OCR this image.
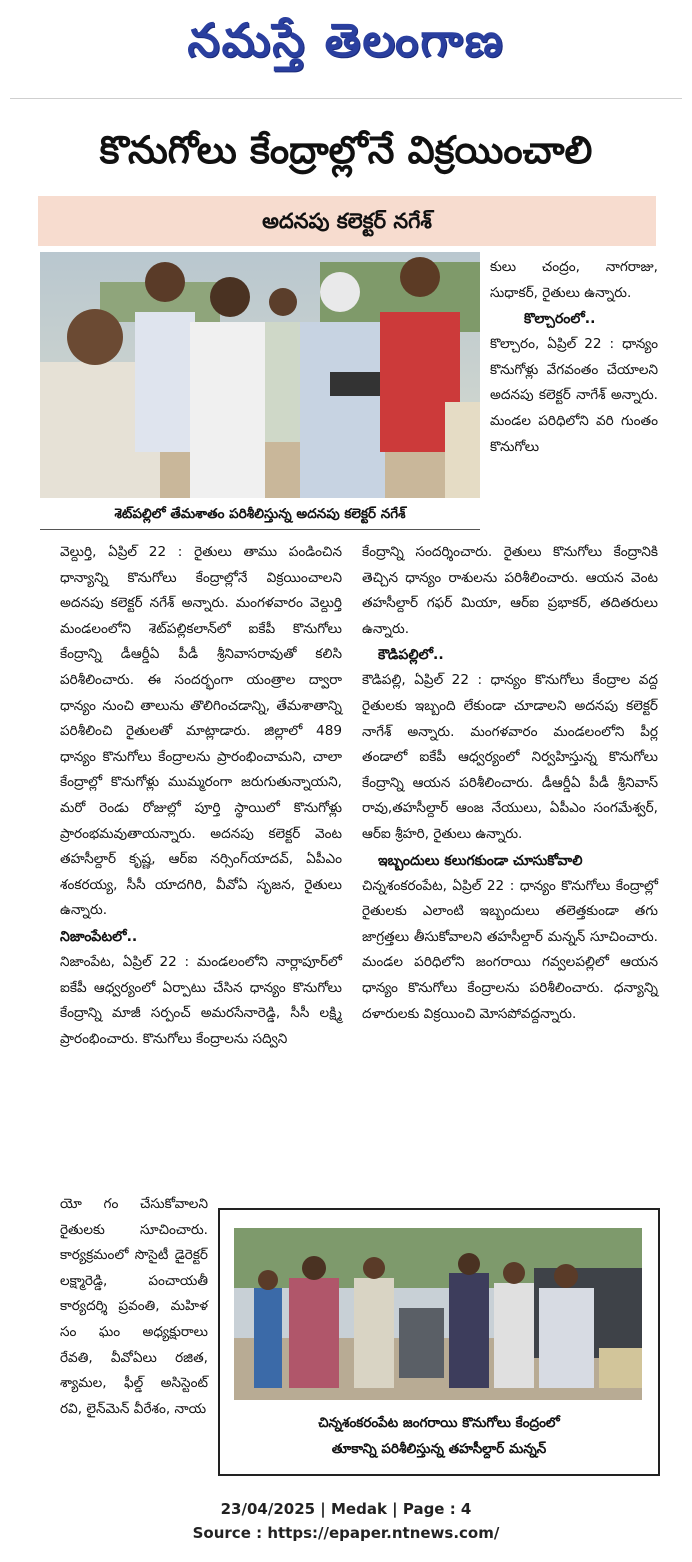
నమస్తే తెలంగాణ
కొనుగోలు కేంద్రాల్లోనే విక్రయించాలి
అదనపు కలెక్టర్ నగేశ్
శెట్‌పల్లిలో తేమశాతం పరిశీలిస్తున్న అదనపు కలెక్టర్ నగేశ్

కులు చంద్రం, నాగరాజు, సుధాకర్, రైతులు ఉన్నారు.

కొల్చారంలో..

కొల్చారం, ఏప్రిల్ 22 : ధాన్యం కొనుగోళ్లు వేగవంతం చేయాలని అదనపు కలెక్టర్ నాగేశ్ అన్నారు. మండల పరిధిలోని వరి గుంతం కొనుగోలు

వెల్దుర్తి, ఏప్రిల్ 22 : రైతులు తాము పండించిన ధాన్యాన్ని కొనుగోలు కేంద్రాల్లోనే విక్రయించాలని అదనపు కలెక్టర్ నగేశ్ అన్నారు. మంగళవారం వెల్దుర్తి మండలంలోని శెట్‌పల్లికలాన్‌లో ఐకేపీ కొనుగోలు కేంద్రాన్ని డీఆర్డీఏ పీడీ శ్రీనివాసరావుతో కలిసి పరిశీలించారు. ఈ సందర్భంగా యంత్రాల ద్వారా ధాన్యం నుంచి తాలును తొలిగించడాన్ని, తేమశాతాన్ని పరిశీలించి రైతులతో మాట్లాడారు. జిల్లాలో 489 ధాన్యం కొనుగోలు కేంద్రాలను ప్రారంభించామని, చాలా కేంద్రాల్లో కొనుగోళ్లు ముమ్మరంగా జరుగుతున్నాయని, మరో రెండు రోజుల్లో పూర్తి స్థాయిలో కొనుగోళ్లు ప్రారంభమవుతాయన్నారు. అదనపు కలెక్టర్ వెంట తహసీల్దార్ కృష్ణ, ఆర్ఐ నర్సింగ్‌యాదవ్, ఏపీఎం శంకరయ్య, సీసీ యాదగిరి, వీవోఏ సృజన, రైతులు ఉన్నారు.

నిజాంపేటలో..

నిజాంపేట, ఏప్రిల్ 22 : మండలంలోని నార్లాపూర్‌లో ఐకేపీ ఆధ్వర్యంలో ఏర్పాటు చేసిన ధాన్యం కొనుగోలు కేంద్రాన్ని మాజీ సర్పంచ్ అమరసేనారెడ్డి, సీసీ లక్ష్మి ప్రారంభించారు. కొనుగోలు కేంద్రాలను సద్విని

కేంద్రాన్ని సందర్శించారు. రైతులు కొనుగోలు కేంద్రానికి తెచ్చిన ధాన్యం రాశులను పరిశీలించారు. ఆయన వెంట తహసీల్దార్ గఫర్ మియా, ఆర్ఐ ప్రభాకర్, తదితరులు ఉన్నారు.

కౌడిపల్లిలో..

కౌడిపల్లి, ఏప్రిల్ 22 : ధాన్యం కొనుగోలు కేంద్రాల వద్ద రైతులకు ఇబ్బంది లేకుండా చూడాలని అదనపు కలెక్టర్ నాగేశ్ అన్నారు. మంగళవారం మండలంలోని పీర్ల తండాలో ఐకేపీ ఆధ్వర్యంలో నిర్వహిస్తున్న కొనుగోలు కేంద్రాన్ని ఆయన పరిశీలించారు. డీఆర్డీఏ పీడీ శ్రీనివాస్ రావు,తహసీల్దార్ ఆంజ నేయులు, ఏపీఎం సంగమేశ్వర్, ఆర్ఐ శ్రీహరి, రైతులు ఉన్నారు.

ఇబ్బందులు కలుగకుండా చూసుకోవాలి

చిన్నశంకరంపేట, ఏప్రిల్ 22 : ధాన్యం కొనుగోలు కేంద్రాల్లో రైతులకు ఎలాంటి ఇబ్బందులు తలెత్తకుండా తగు జాగ్రత్తలు తీసుకోవాలని తహసీల్దార్ మన్నన్ సూచించారు. మండల పరిధిలోని జంగరాయి గవ్వలపల్లిలో ఆయన ధాన్యం కొనుగోలు కేంద్రాలను పరిశీలించారు. ధన్యాన్ని దళారులకు విక్రయించి మోసపోవద్దన్నారు.

యో గం చేసుకోవాలని రైతులకు సూచించారు. కార్యక్రమంలో సొసైటీ డైరెక్టర్ లక్ష్మారెడ్డి, పంచాయతీ కార్యదర్శి ప్రవంతి, మహిళ సం ఘం అధ్యక్షురాలు రేవతి, వీవోఏలు రజిత, శ్యామల, ఫీల్డ్ అసిస్టెంట్ రవి, లైన్‌మెన్ వీరేశం, నాయ

చిన్నశంకరంపేట జంగరాయి కొనుగోలు కేంద్రంలో
తూకాన్ని పరిశీలిస్తున్న తహసీల్దార్ మన్నన్
23/04/2025 | Medak | Page : 4
Source : https://epaper.ntnews.com/
